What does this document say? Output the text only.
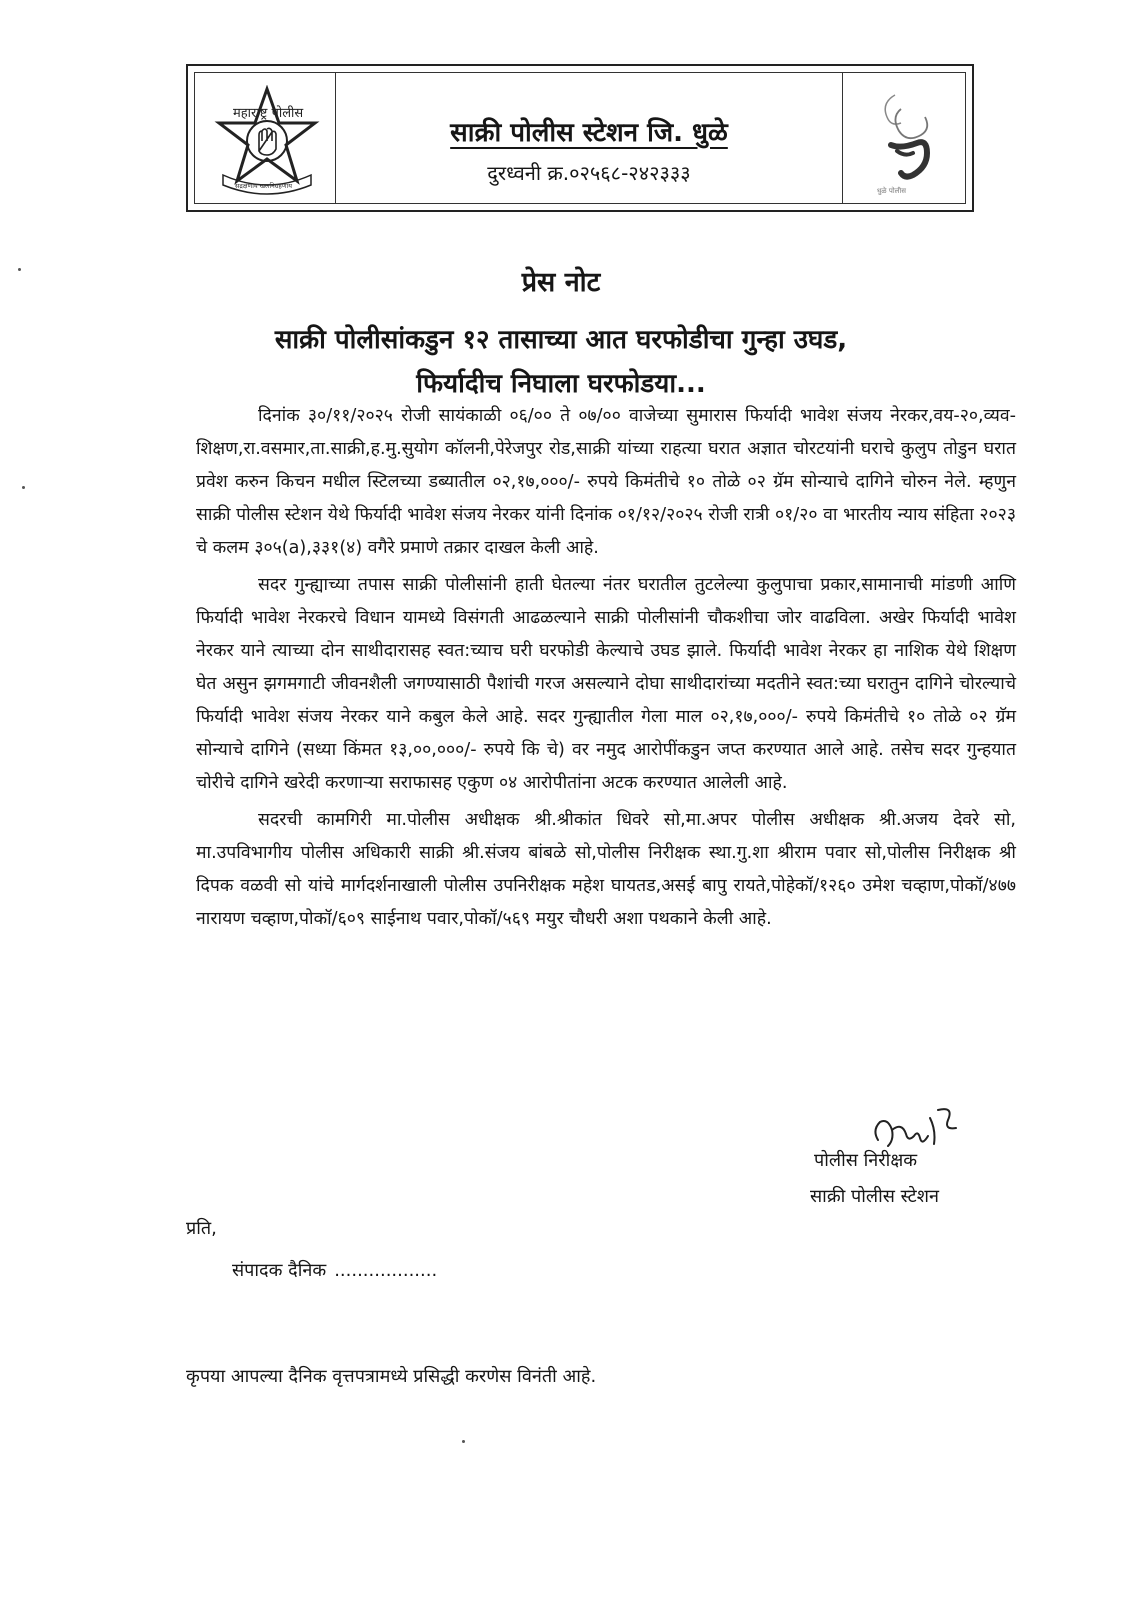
महाराष्ट्र पोलीस
सद्रक्षणाय खलनिग्रहणाय
साक्री पोलीस स्टेशन जि. धुळे
दुरध्वनी क्र.०२५६८-२४२३३३
धुळे पोलीस
प्रेस नोट
साक्री पोलीसांकडुन १२ तासाच्या आत घरफोडीचा गुन्हा उघड,
फिर्यादीच निघाला घरफोडया...

दिनांक ३०/११/२०२५ रोजी सायंकाळी ०६/०० ते ०७/०० वाजेच्या सुमारास फिर्यादी भावेश संजय नेरकर,वय-२०,व्यव-शिक्षण,रा.वसमार,ता.साक्री,ह.मु.सुयोग कॉलनी,पेरेजपुर रोड,साक्री यांच्या राहत्या घरात अज्ञात चोरटयांनी घराचे कुलुप तोडुन घरात प्रवेश करुन किचन मधील स्टिलच्या डब्यातील ०२,१७,०००/- रुपये किमंतीचे १० तोळे ०२ ग्रॅम सोन्याचे दागिने चोरुन नेले. म्हणुन साक्री पोलीस स्टेशन येथे फिर्यादी भावेश संजय नेरकर यांनी दिनांक ०१/१२/२०२५ रोजी रात्री ०१/२० वा भारतीय न्याय संहिता २०२३ चे कलम ३०५(a),३३१(४) वगैरे प्रमाणे तक्रार दाखल केली आहे.

सदर गुन्ह्याच्या तपास साक्री पोलीसांनी हाती घेतल्या नंतर घरातील तुटलेल्या कुलुपाचा प्रकार,सामानाची मांडणी आणि फिर्यादी भावेश नेरकरचे विधान यामध्ये विसंगती आढळल्याने साक्री पोलीसांनी चौकशीचा जोर वाढविला. अखेर फिर्यादी भावेश नेरकर याने त्याच्या दोन साथीदारासह स्वत:च्याच घरी घरफोडी केल्याचे उघड झाले. फिर्यादी भावेश नेरकर हा नाशिक येथे शिक्षण घेत असुन झगमगाटी जीवनशैली जगण्यासाठी पैशांची गरज असल्याने दोघा साथीदारांच्या मदतीने स्वत:च्या घरातुन दागिने चोरल्याचे फिर्यादी भावेश संजय नेरकर याने कबुल केले आहे. सदर गुन्ह्यातील गेला माल ०२,१७,०००/- रुपये किमंतीचे १० तोळे ०२ ग्रॅम सोन्याचे दागिने (सध्या किंमत १३,००,०००/- रुपये कि चे) वर नमुद आरोपींकडुन जप्त करण्यात आले आहे. तसेच सदर गुन्हयात चोरीचे दागिने खरेदी करणाऱ्या सराफासह एकुण ०४ आरोपीतांना अटक करण्यात आलेली आहे.

सदरची कामगिरी मा.पोलीस अधीक्षक श्री.श्रीकांत धिवरे सो,मा.अपर पोलीस अधीक्षक श्री.अजय देवरे सो, मा.उपविभागीय पोलीस अधिकारी साक्री श्री.संजय बांबळे सो,पोलीस निरीक्षक स्था.गु.शा श्रीराम पवार सो,पोलीस निरीक्षक श्री दिपक वळवी सो यांचे मार्गदर्शनाखाली पोलीस उपनिरीक्षक महेश घायतड,असई बापु रायते,पोहेकॉ/१२६० उमेश चव्हाण,पोकॉ/४७७ नारायण चव्हाण,पोकॉ/६०९ साईनाथ पवार,पोकॉ/५६९ मयुर चौधरी अशा पथकाने केली आहे.

पोलीस निरीक्षक
साक्री पोलीस स्टेशन
प्रति,
संपादक दैनिक ..................
कृपया आपल्या दैनिक वृत्तपत्रामध्ये प्रसिद्धी करणेस विनंती आहे.
